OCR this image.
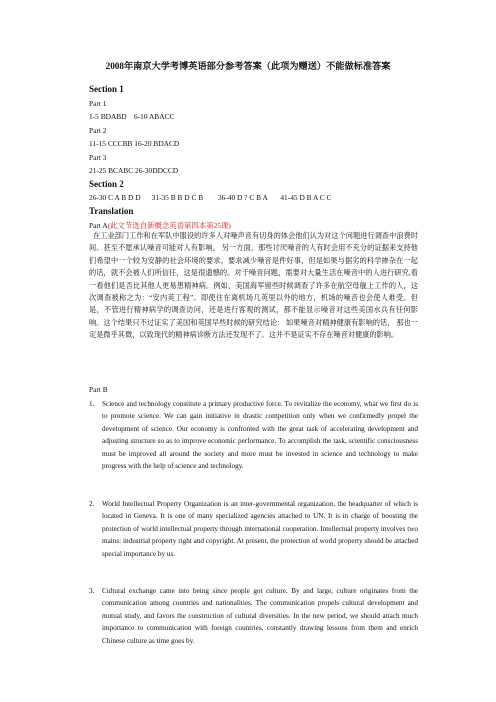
2008年南京大学考博英语部分参考答案（此项为赠送）不能做标准答案
Section 1
Part 1
1-5 BDABD    6-10 ABACC
Part 2
11-15 CCCBB 16-20 BDACD
Part 3
21-25 BCABC 26-30DDCCD
Section 2
26-30 C A B D D      31-35 B B D C B        36-40 D ? C B A       41-45 D B A C C
Translation
Part A(此文节选自新概念英语第四本第25课)
在工业部门工作和在军队中服役的许多人对噪声音有切身的体会他们认为对这个问题进行调查中浪费时间。甚至不愿承认噪音可能对人有影响。 另一方面，那些讨厌噪音的人有时会用不充分的证据来支持他们希望中一个较为安静的社会环境的要求。要求减少噪音是件好事，但是如果与据劣的科学掺杂在一起的话，就不会被人们所信任，这是很遗憾的。对于噪音问题，需要对大量生活在噪音中的人进行研究,看一看他们是否比其他人更易患精神病。例如，美国海军留些时候调查了许多在航空母舰上工作的人，这次调查被称之为：“安内英工程”。即使住在离机场几英里以外的地方，机场的噪音也会使人难受。但是，不管进行精神病学的调查访问，还是进行客观的测试，都不能显示噪音对这些美国水兵有任何影响。这个结果只不过证实了美国和英国早些时候的研究结论： 如果噪音对精神健康有影响的话， 那也一定是微乎其微，以致现代的精神病诊断方法还发现不了。这并不是证实不存在噪音对健康的影响。
Part B
1. Science and technology constitute a primary productive force. To revitalize the economy, what we first do is to promote science. We can gain initiative in drastic competition only when we confirmedly propel the development of science. Our economy is confronted with the great task of accelerating development and adjusting structure so as to improve economic performance. To accomplish the task, scientific consciousness must be improved all around the society and more must be invested in science and technology to make progress with the help of science and technology.
2. World Intellectual Property Organization is an inter-governmental organization, the headquarter of which is located in Geneva. It is one of many specialized agencies attached to UN. It is in charge of boosting the protection of world intellectual property through international cooperation. Intellectual property involves two mains: industrial property right and copyright. At present, the protection of world property should be attached special importance by us.
3. Cultural exchange came into being since people got culture. By and large, culture originates from the communication among countries and nationalities. The communication propels cultural development and mutual study, and favors the construction of cultural diversities. In the new period, we should attach much importance to communication with foreign countries, constantly drawing lessons from them and enrich Chinese culture as time goes by.
